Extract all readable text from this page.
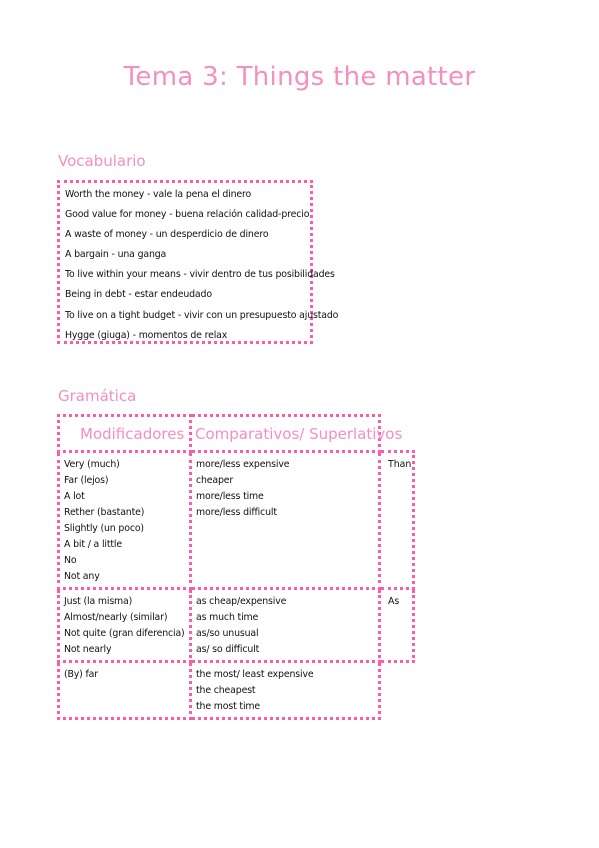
Tema 3: Things the matter
Vocabulario
Worth the money - vale la pena el dinero
Good value for money - buena relación calidad-precio
A waste of money - un desperdicio de dinero
A bargain - una ganga
To live within your means - vivir dentro de tus posibilidades
Being in debt - estar endeudado
To live on a tight budget - vivir con un presupuesto ajustado
Hygge (giuga) - momentos de relax
Gramática
Modificadores Comparativos/ Superlativos
Very (much)
Far (lejos)
A lot
Rether (bastante)
Slightly (un poco)
A bit / a little
No
Not any
more/less expensive
cheaper
more/less time
more/less difficult
Than
Just (la misma)
Almost/nearly (similar)
Not quite (gran diferencia)
Not nearly
as cheap/expensive
as much time
as/so unusual
as/ so difficult
As
(By) far	the most/ least expensive
the cheapest
the most time
